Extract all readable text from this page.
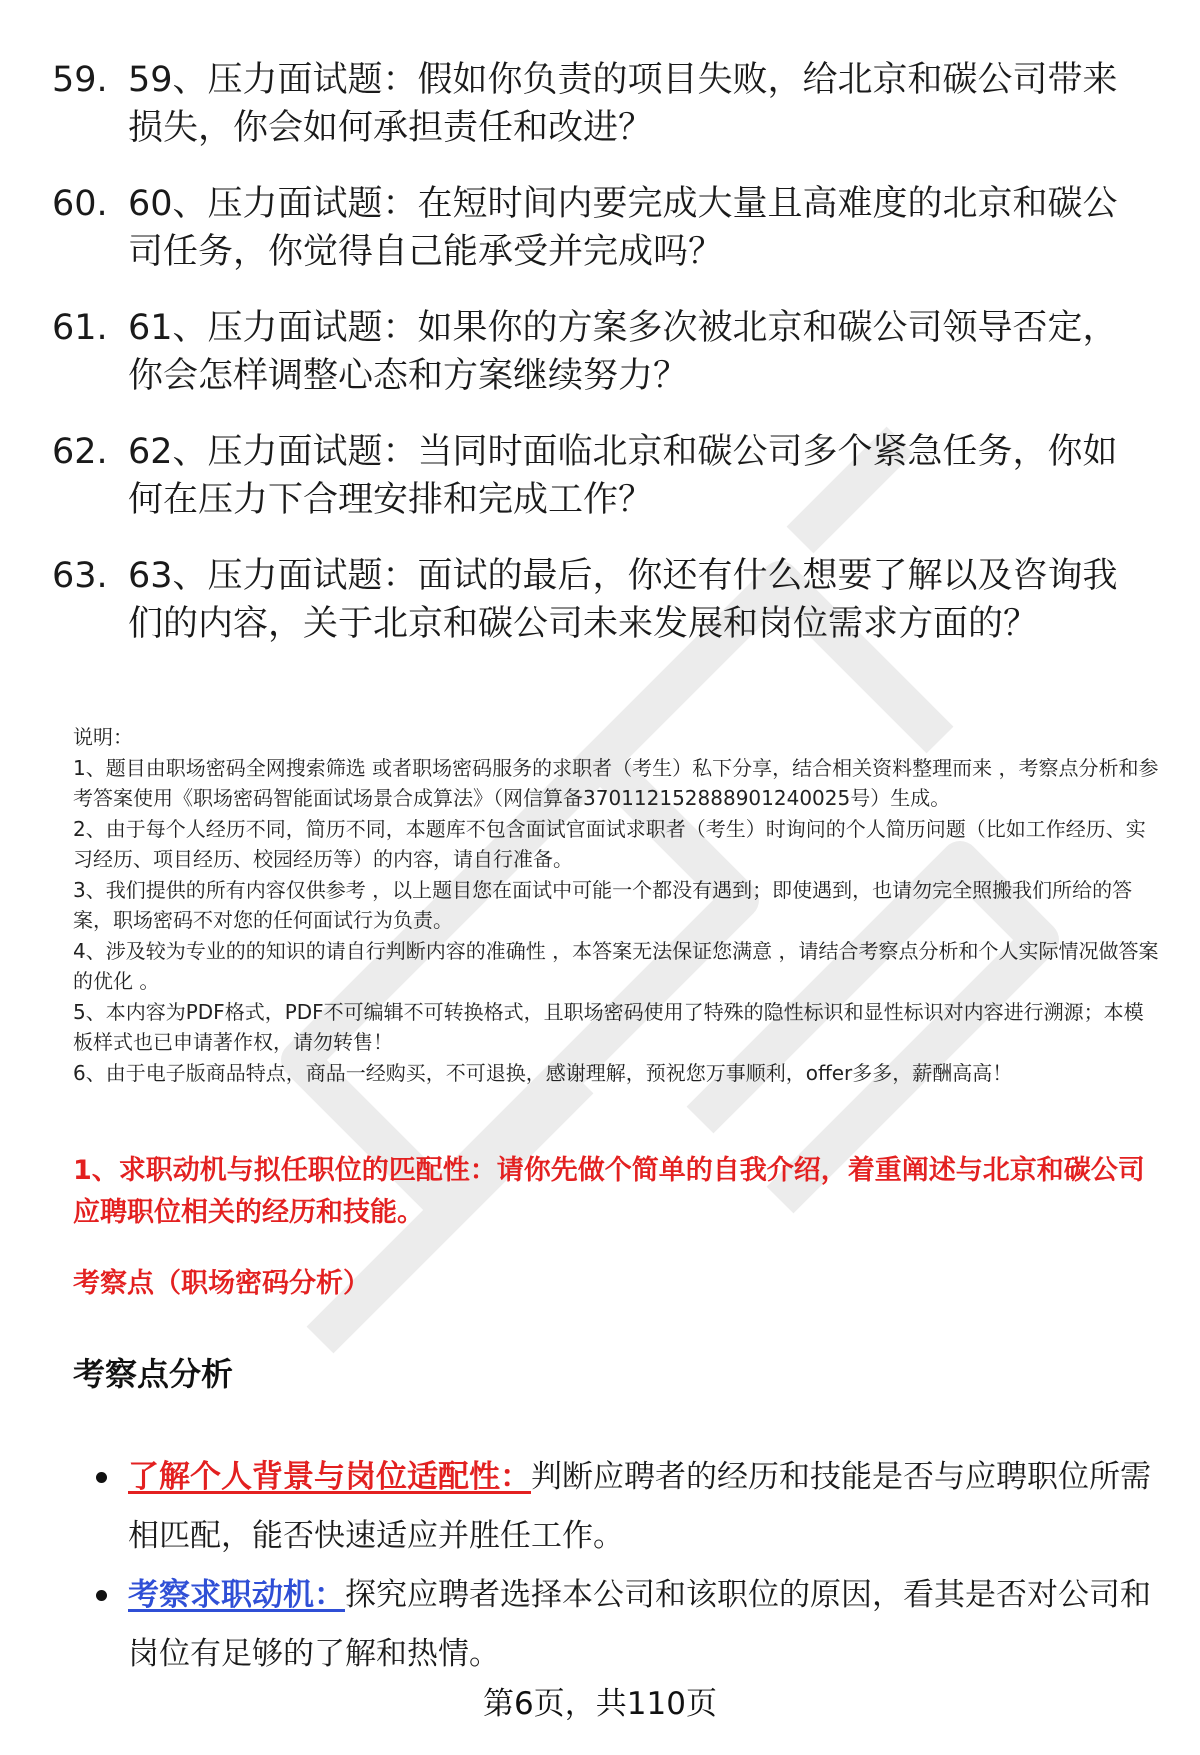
59. 59、压力面试题：假如你负责的项目失败，给北京和碳公司带来损失，你会如何承担责任和改进？
60. 60、压力面试题：在短时间内要完成大量且高难度的北京和碳公司任务，你觉得自己能承受并完成吗？
61. 61、压力面试题：如果你的方案多次被北京和碳公司领导否定，你会怎样调整心态和方案继续努力？
62. 62、压力面试题：当同时面临北京和碳公司多个紧急任务，你如何在压力下合理安排和完成工作？
63. 63、压力面试题：面试的最后，你还有什么想要了解以及咨询我们的内容，关于北京和碳公司未来发展和岗位需求方面的？

说明：

1、题目由职场密码全网搜索筛选 或者职场密码服务的求职者（考生）私下分享，结合相关资料整理而来 ，考察点分析和参考答案使用《职场密码智能面试场景合成算法》（网信算备370112152888901240025号）生成。

2、由于每个人经历不同，简历不同，本题库不包含面试官面试求职者（考生）时询问的个人简历问题（比如工作经历、实习经历、项目经历、校园经历等）的内容，请自行准备。

3、我们提供的所有内容仅供参考 ，以上题目您在面试中可能一个都没有遇到；即使遇到，也请勿完全照搬我们所给的答案，职场密码不对您的任何面试行为负责。

4、涉及较为专业的的知识的请自行判断内容的准确性 ，本答案无法保证您满意 ，请结合考察点分析和个人实际情况做答案的优化 。

5、本内容为PDF格式，PDF不可编辑不可转换格式，且职场密码使用了特殊的隐性标识和显性标识对内容进行溯源；本模板样式也已申请著作权，请勿转售！

6、由于电子版商品特点，商品一经购买，不可退换，感谢理解，预祝您万事顺利，offer多多，薪酬高高！

1、求职动机与拟任职位的匹配性：请你先做个简单的自我介绍，着重阐述与北京和碳公司应聘职位相关的经历和技能。
考察点（职场密码分析）
考察点分析
了解个人背景与岗位适配性：判断应聘者的经历和技能是否与应聘职位所需相匹配，能否快速适应并胜任工作。
考察求职动机：探究应聘者选择本公司和该职位的原因，看其是否对公司和岗位有足够的了解和热情。
第6页，共110页
